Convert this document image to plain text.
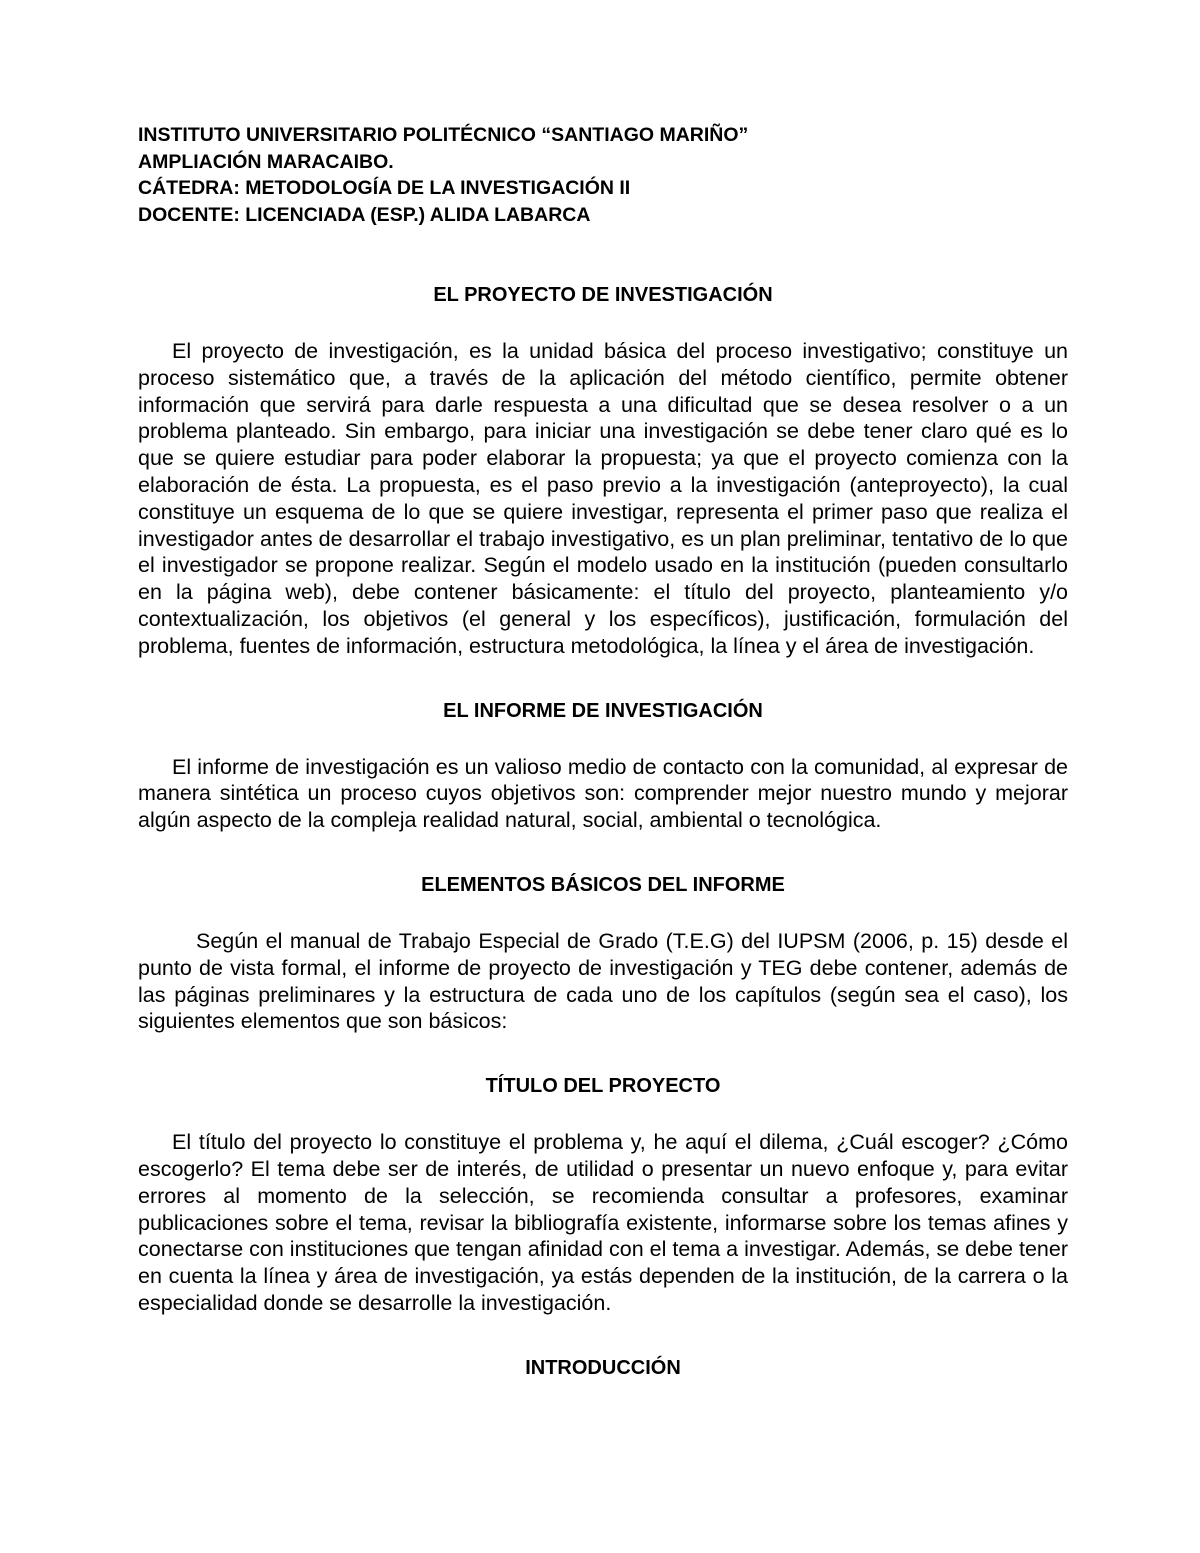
INSTITUTO UNIVERSITARIO POLITÉCNICO “SANTIAGO MARIÑO”
AMPLIACIÓN MARACAIBO.
CÁTEDRA: METODOLOGÍA DE LA INVESTIGACIÓN II
DOCENTE: LICENCIADA (ESP.) ALIDA LABARCA
EL PROYECTO DE INVESTIGACIÓN

El proyecto de investigación, es la unidad básica del proceso investigativo; constituye un proceso sistemático que, a través de la aplicación del método científico, permite obtener información que servirá para darle respuesta a una dificultad que se desea resolver o a un problema planteado. Sin embargo, para iniciar una investigación se debe tener claro qué es lo que se quiere estudiar para poder elaborar la propuesta; ya que el proyecto comienza con la elaboración de ésta. La propuesta, es el paso previo a la investigación (anteproyecto), la cual constituye un esquema de lo que se quiere investigar, representa el primer paso que realiza el investigador antes de desarrollar el trabajo investigativo, es un plan preliminar, tentativo de lo que el investigador se propone realizar. Según el modelo usado en la institución (pueden consultarlo en la página web), debe contener básicamente: el título del proyecto, planteamiento y/o contextualización, los objetivos (el general y los específicos), justificación, formulación del problema, fuentes de información, estructura metodológica, la línea y el área de investigación.

EL INFORME DE INVESTIGACIÓN

El informe de investigación es un valioso medio de contacto con la comunidad, al expresar de manera sintética un proceso cuyos objetivos son: comprender mejor nuestro mundo y mejorar algún aspecto de la compleja realidad natural, social, ambiental o tecnológica.

ELEMENTOS BÁSICOS DEL INFORME

Según el manual de Trabajo Especial de Grado (T.E.G) del IUPSM (2006, p. 15) desde el punto de vista formal, el informe de proyecto de investigación y TEG debe contener, además de las páginas preliminares y la estructura de cada uno de los capítulos (según sea el caso), los siguientes elementos que son básicos:

TÍTULO DEL PROYECTO

El título del proyecto lo constituye el problema y, he aquí el dilema, ¿Cuál escoger? ¿Cómo escogerlo? El tema debe ser de interés, de utilidad o presentar un nuevo enfoque y, para evitar errores al momento de la selección, se recomienda consultar a profesores, examinar publicaciones sobre el tema, revisar la bibliografía existente, informarse sobre los temas afines y conectarse con instituciones que tengan afinidad con el tema a investigar. Además, se debe tener en cuenta la línea y área de investigación, ya estás dependen de la institución, de la carrera o la especialidad donde se desarrolle la investigación.

INTRODUCCIÓN
